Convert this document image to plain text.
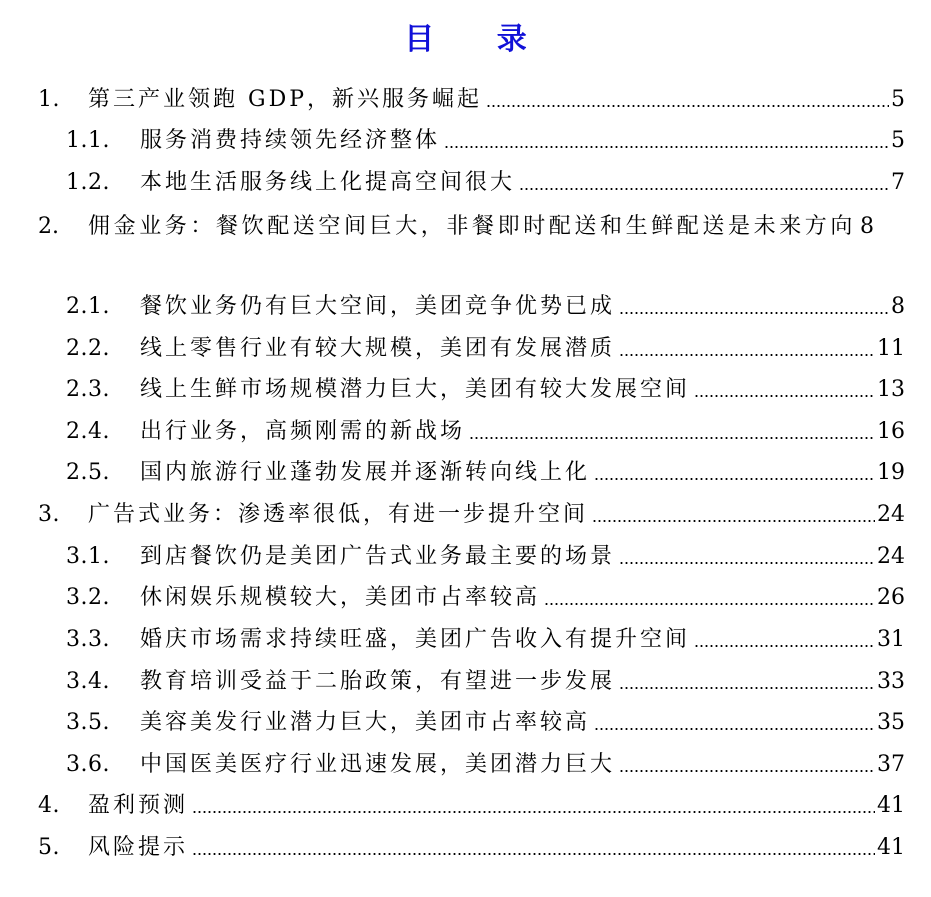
目 录
1.	第三产业领跑 GDP，新兴服务崛起	5
1.1.	服务消费持续领先经济整体	5
1.2.	本地生活服务线上化提高空间很大	7
2. 佣金业务：餐饮配送空间巨大，非餐即时配送和生鲜配送是未来方向 8
2.1.	餐饮业务仍有巨大空间，美团竞争优势已成	8
2.2.	线上零售行业有较大规模，美团有发展潜质	11
2.3.	线上生鲜市场规模潜力巨大，美团有较大发展空间	13
2.4.	出行业务，高频刚需的新战场	16
2.5.	国内旅游行业蓬勃发展并逐渐转向线上化	19
3.	广告式业务：渗透率很低，有进一步提升空间	24
3.1.	到店餐饮仍是美团广告式业务最主要的场景	24
3.2.	休闲娱乐规模较大，美团市占率较高	26
3.3.	婚庆市场需求持续旺盛，美团广告收入有提升空间	31
3.4.	教育培训受益于二胎政策，有望进一步发展	33
3.5.	美容美发行业潜力巨大，美团市占率较高	35
3.6.	中国医美医疗行业迅速发展，美团潜力巨大	37
4.	盈利预测	41
5.	风险提示	41
